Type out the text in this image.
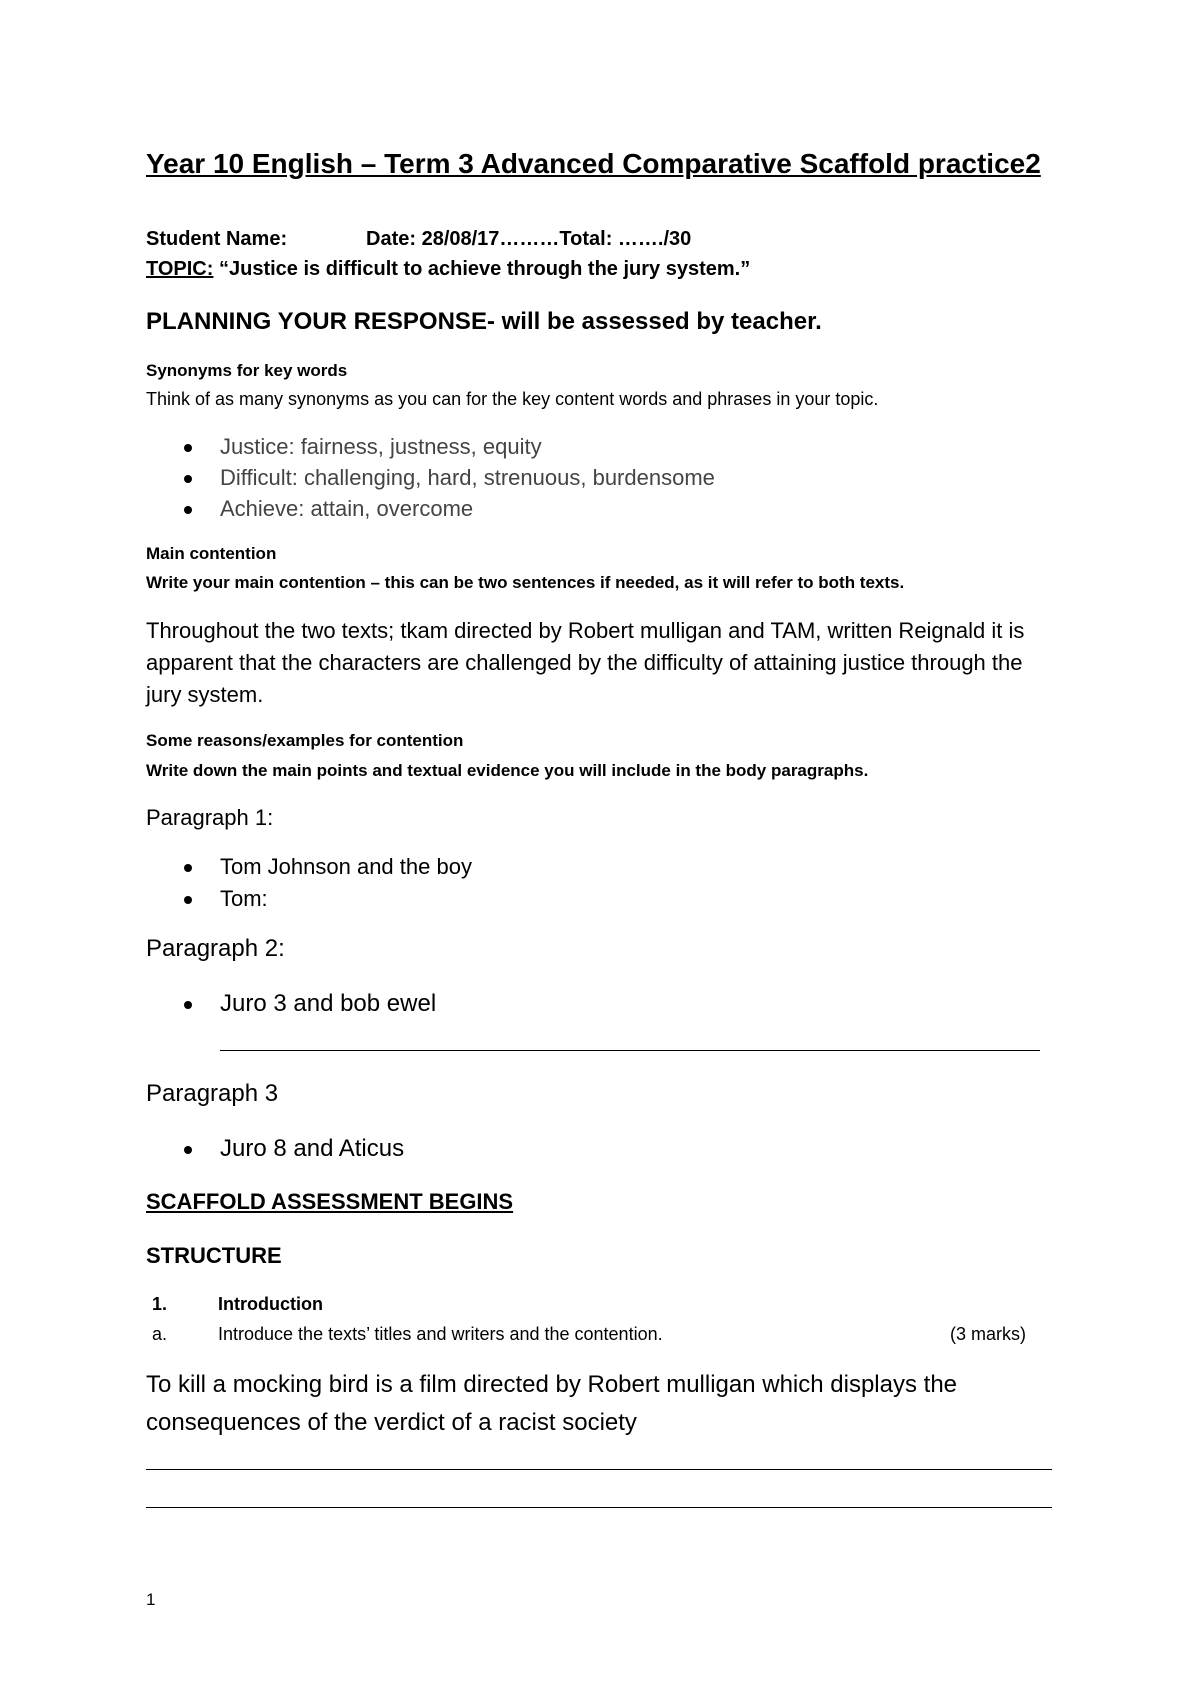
Year 10 English – Term 3 Advanced Comparative Scaffold practice2
Student Name:	Date: 28/08/17………Total: ……./30
TOPIC: “Justice is difficult to achieve through the jury system.”
PLANNING YOUR RESPONSE- will be assessed by teacher.
Synonyms for key words
Think of as many synonyms as you can for the key content words and phrases in your topic.
Justice: fairness, justness, equity
Difficult: challenging, hard, strenuous, burdensome
Achieve: attain, overcome
Main contention
Write your main contention – this can be two sentences if needed, as it will refer to both texts.
Throughout the two texts; tkam directed by Robert mulligan and TAM, written Reignald it is
apparent that the characters are challenged by the difficulty of attaining justice through the
jury system.
Some reasons/examples for contention
Write down the main points and textual evidence you will include in the body paragraphs.
Paragraph 1:
Tom Johnson and the boy
Tom:
Paragraph 2:
Juro 3 and bob ewel
Paragraph 3
Juro 8 and Aticus
SCAFFOLD ASSESSMENT BEGINS
STRUCTURE
1.	Introduction
a.	Introduce the texts’ titles and writers and the contention.	(3 marks)
To kill a mocking bird is a film directed by Robert mulligan which displays the
consequences of the verdict of a racist society
1
